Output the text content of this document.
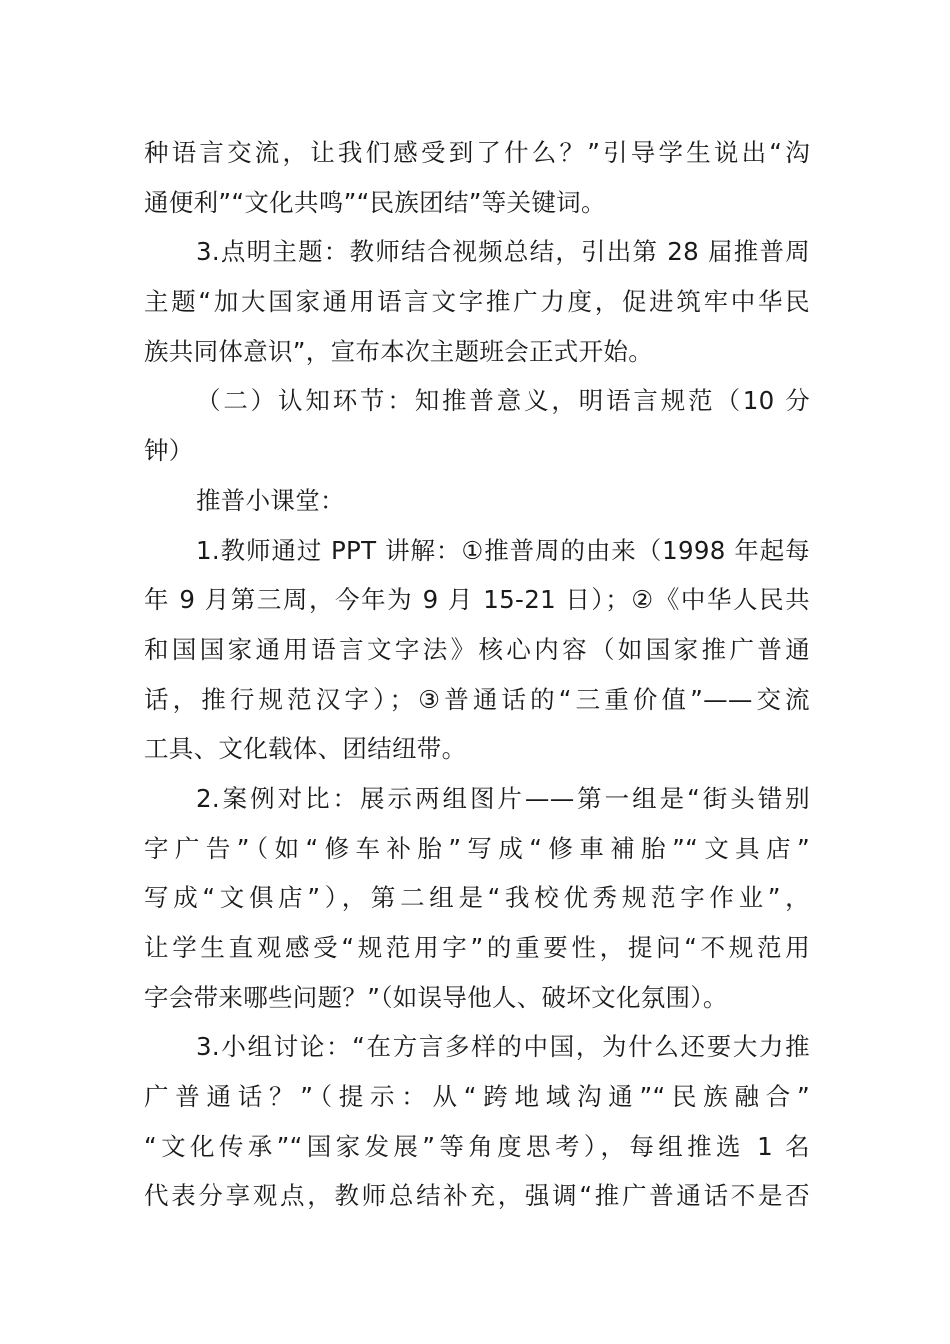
种语言交流，让我们感受到了什么？”引导学生说出“沟
通便利”“文化共鸣”“民族团结”等关键词。
3.点明主题：教师结合视频总结，引出第 28 届推普周
主题“加大国家通用语言文字推广力度，促进筑牢中华民
族共同体意识”，宣布本次主题班会正式开始。
（二）认知环节：知推普意义，明语言规范（10 分
钟）
推普小课堂：
1.教师通过 PPT 讲解：①推普周的由来（1998 年起每
年 9 月第三周，今年为 9 月 15-21 日）；②《中华人民共
和国国家通用语言文字法》核心内容（如国家推广普通
话，推行规范汉字）；③普通话的“三重价值”——交流
工具、文化载体、团结纽带。
2.案例对比：展示两组图片——第一组是“街头错别
字广告”（如“修车补胎”写成“修車補胎”“文具店”
写成“文俱店”），第二组是“我校优秀规范字作业”，
让学生直观感受“规范用字”的重要性，提问“不规范用
字会带来哪些问题？”（如误导他人、破坏文化氛围）。
3.小组讨论：“在方言多样的中国，为什么还要大力推
广普通话？”（提示：从“跨地域沟通”“民族融合”
“文化传承”“国家发展”等角度思考），每组推选 1 名
代表分享观点，教师总结补充，强调“推广普通话不是否
